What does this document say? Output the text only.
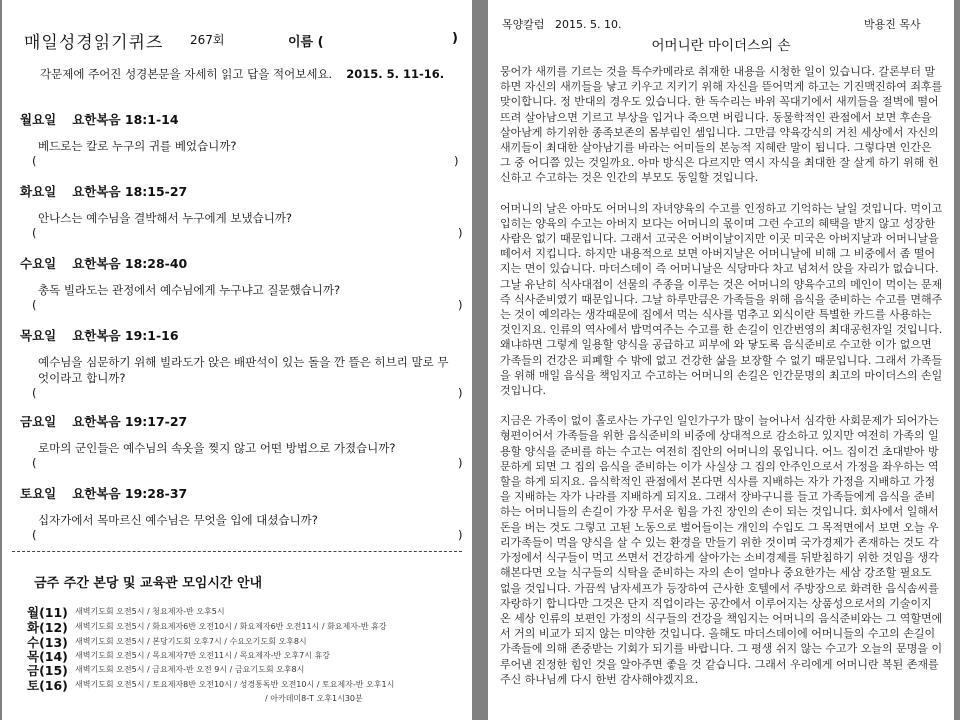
매일성경읽기퀴즈 267회	이름 (	)
각문제에 주어진 성경본문을 자세히 읽고 답을 적어보세요. 2015. 5. 11-16.
월요일 요한복음 18:1-14
베드로는 칼로 누구의 귀를 베었습니까?
(	)
화요일 요한복음 18:15-27
안나스는 예수님을 결박해서 누구에게 보냈습니까?
(	)
수요일 요한복음 18:28-40
총독 빌라도는 관정에서 예수님에게 누구냐고 질문했습니까?
(	)
목요일 요한복음 19:1-16
예수님을 심문하기 위해 빌라도가 앉은 배판석이 있는 돌을 깐 뜰은 히브리 말로 무엇이라고 합니까?
(	)
금요일 요한복음 19:17-27
로마의 군인들은 예수님의 속옷을 찢지 않고 어떤 방법으로 가졌습니까?
(	)
토요일 요한복음 19:28-37
십자가에서 목마르신 예수님은 무엇을 입에 대셨습니까?
(	)
금주 주간 본당 및 교육관 모임시간 안내
월(11) 새벽기도회 오전5시 / 청요제자-반 오후5시
화(12) 새벽기도회 오전5시 / 화요제자6반 오전10시 / 화요제자6반 오전11시 / 화요제자-반 휴강
수(13) 새벽기도회 오전5시 / 본당기도회 오후7시 / 수요오기도회 오후8시
목(14) 새벽기도회 오전5시 / 목요제자7반 오전11시 / 목요제자-반 오후7시 휴강
금(15) 새벽기도회 오전5시 / 금요제자-반 오전 9시 / 금요기도회 오후8시
토(16) 새벽기도회 오전5시 / 토요제자8반 오전10시 / 성경통독반 오전10시 / 토요제자-반 오후1시
/ 아카데미8-T 오후1시30분
목양칼럼 2015. 5. 10.	박용진 목사
어머니란 마이더스의 손

뭉어가 새끼를 기르는 것을 특수카메라로 취재한 내용을 시청한 일이 있습니다. 갈론부터 말하면 자신의 새끼들을 낳고 키우고 지키기 위해 자신을 뜯어먹게 하고는 기진맥진하여 죄후를 맞이합니다. 정 반대의 경우도 있습니다. 한 독수리는 바위 꼭대기에서 새끼들을 절벽에 떨어뜨려 살아남으면 기르고 부상을 입거나 죽으면 버립니다. 동물학적인 관점에서 보면 후손을 살아남게 하기위한 종족보존의 몸부림인 셈입니다. 그만큼 약육강식의 거친 세상에서 자신의 새끼들이 최대한 살아남기를 바라는 어미들의 본능적 지혜란 말이 됩니다. 그렇다면 인간은 그 중 어디쯤 있는 것일까요. 아마 방식은 다르지만 역시 자식을 최대한 잘 살게 하기 위해 헌신하고 수고하는 것은 인간의 부모도 동일할 것입니다.

어머니의 날은 아마도 어머니의 자녀양육의 수고를 인정하고 기억하는 날일 것입니다. 먹이고 입히는 양육의 수고는 아버지 보다는 어머니의 몫이며 그런 수고의 혜택을 받지 않고 성장한 사람은 없기 때문입니다. 그래서 고국은 어버이날이지만 이곳 미국은 아버지날과 어머니날을 떼어서 지킵니다. 하지만 내용적으로 보면 아버지날은 어머니날에 비해 그 비중에서 좀 떨어지는 면이 있습니다. 마더스데이 즉 어머니날은 식당마다 차고 넘쳐서 앉을 자리가 없습니다. 그날 유난히 식사대접이 선물의 주종을 이루는 것은 어머니의 양육수고의 메인이 먹이는 문제 즉 식사준비였기 때문입니다. 그날 하루만큼은 가족들을 위해 음식을 준비하는 수고를 면해주는 것이 예의라는 생각때문에 집에서 먹는 식사를 멈추고 외식이란 특별한 카드를 사용하는 것인지요. 인류의 역사에서 밥먹여주는 수고를 한 손길이 인간번영의 최대공헌자일 것입니다. 왜냐하면 그렇게 일용할 양식을 공급하고 피부에 와 닿도록 음식준비로 수고한 이가 없으면 가족들의 건강은 피폐할 수 밖에 없고 건강한 삶을 보장할 수 없기 때문입니다. 그래서 가족들을 위해 매일 음식을 책임지고 수고하는 어머니의 손길은 인간문명의 최고의 마이더스의 손일 것입니다.

지금은 가족이 없이 홀로사는 가구인 일인가구가 많이 늘어나서 심각한 사회문제가 되어가는 형편이어서 가족들을 위한 음식준비의 비중에 상대적으로 감소하고 있지만 여전히 가족의 일용할 양식을 준비를 하는 수고는 여전히 집안의 어머니의 몫입니다. 어느 집이건 초대받아 방문하게 되면 그 집의 음식을 준비하는 이가 사실상 그 집의 안주인으로서 가정을 좌우하는 역할을 하게 되지요. 음식학적인 관점에서 본다면 식사를 지배하는 자가 가정을 지배하고 가정을 지배하는 자가 나라를 지배하게 되지요. 그래서 장바구니를 들고 가족들에게 음식을 준비하는 어머니들의 손길이 가장 무서운 힘을 가진 장인의 손이 되는 것입니다. 회사에서 일해서 돈을 버는 것도 그렇고 고된 노동으로 벌어들이는 개인의 수입도 그 목적면에서 보면 오늘 우리가족들이 먹을 양식을 살 수 있는 환경을 만들기 위한 것이며 국가경제가 존재하는 것도 각 가정에서 식구들이 먹고 쓰면서 건강하게 살아가는 소비경제를 뒤받침하기 위한 것임을 생각해본다면 오늘 식구들의 식탁을 준비하는 자의 손이 얼마나 중요한가는 세삼 강조할 필요도 없을 것입니다. 가끔씩 남자세프가 등장하여 근사한 호텔에서 주방장으로 화려한 음식솜씨를 자랑하기 합니다만 그것은 단지 직업이라는 공간에서 이루어지는 상품성으로서의 기술이지 온 세상 인류의 보편인 가정의 식구들의 건강을 책임지는 어머니의 음식준비와는 그 역할면에서 거의 비교가 되지 않는 미약한 것입니다. 올해도 마더스데이에 어머니들의 수고의 손길이 가족들에 의해 존중받는 기회가 되기를 바랍니다. 그 평생 쉬지 않는 수고가 오늘의 문명을 이루어낸 진정한 힘인 것을 알아주면 좋을 것 같습니다. 그래서 우리에게 어머니란 복된 존재를 주신 하나님께 다시 한번 감사해야겠지요.
